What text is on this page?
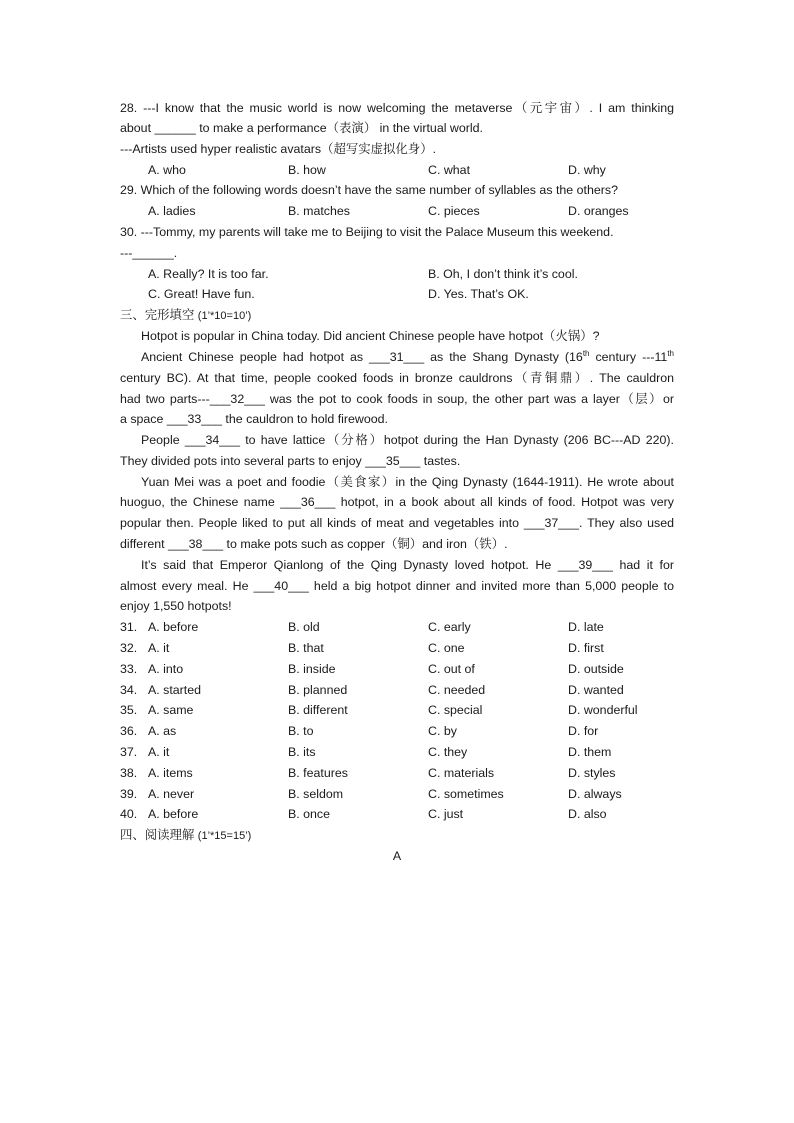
28. ---I know that the music world is now welcoming the metaverse（元宇宙）. I am thinking
about ______ to make a performance（表演） in the virtual world.
---Artists used hyper realistic avatars（超写实虚拟化身）.
A. who	B. how	C. what	D. why
29. Which of the following words doesn’t have the same number of syllables as the others?
A. ladies	B. matches	C. pieces	D. oranges
30. ---Tommy, my parents will take me to Beijing to visit the Palace Museum this weekend.
---______.
A. Really? It is too far.	B. Oh, I don’t think it’s cool.
C. Great! Have fun.	D. Yes. That’s OK.
三、完形填空 (1’*10=10’)
Hotpot is popular in China today. Did ancient Chinese people have hotpot（火锅）?
Ancient Chinese people had hotpot as ___31___ as the Shang Dynasty (16th century ---11th
century BC). At that time, people cooked foods in bronze cauldrons（青铜鼎）. The cauldron
had two parts---___32___ was the pot to cook foods in soup, the other part was a layer（层）or
a space ___33___ the cauldron to hold firewood.
People ___34___ to have lattice（分格）hotpot during the Han Dynasty (206 BC---AD 220).
They divided pots into several parts to enjoy ___35___ tastes.
Yuan Mei was a poet and foodie（美食家）in the Qing Dynasty (1644-1911). He wrote about
huoguo, the Chinese name ___36___ hotpot, in a book about all kinds of food. Hotpot was very
popular then. People liked to put all kinds of meat and vegetables into ___37___. They also used
different ___38___ to make pots such as copper（铜）and iron（铁）.
It’s said that Emperor Qianlong of the Qing Dynasty loved hotpot. He ___39___ had it for
almost every meal. He ___40___ held a big hotpot dinner and invited more than 5,000 people to
enjoy 1,550 hotpots!
31. A. before	B. old	C. early	D. late
32. A. it	B. that	C. one	D. first
33. A. into	B. inside	C. out of	D. outside
34. A. started	B. planned	C. needed	D. wanted
35. A. same	B. different	C. special	D. wonderful
36. A. as	B. to	C. by	D. for
37. A. it	B. its	C. they	D. them
38. A. items	B. features	C. materials	D. styles
39. A. never	B. seldom	C. sometimes	D. always
40. A. before	B. once	C. just	D. also
四、阅读理解 (1’*15=15’)
A
